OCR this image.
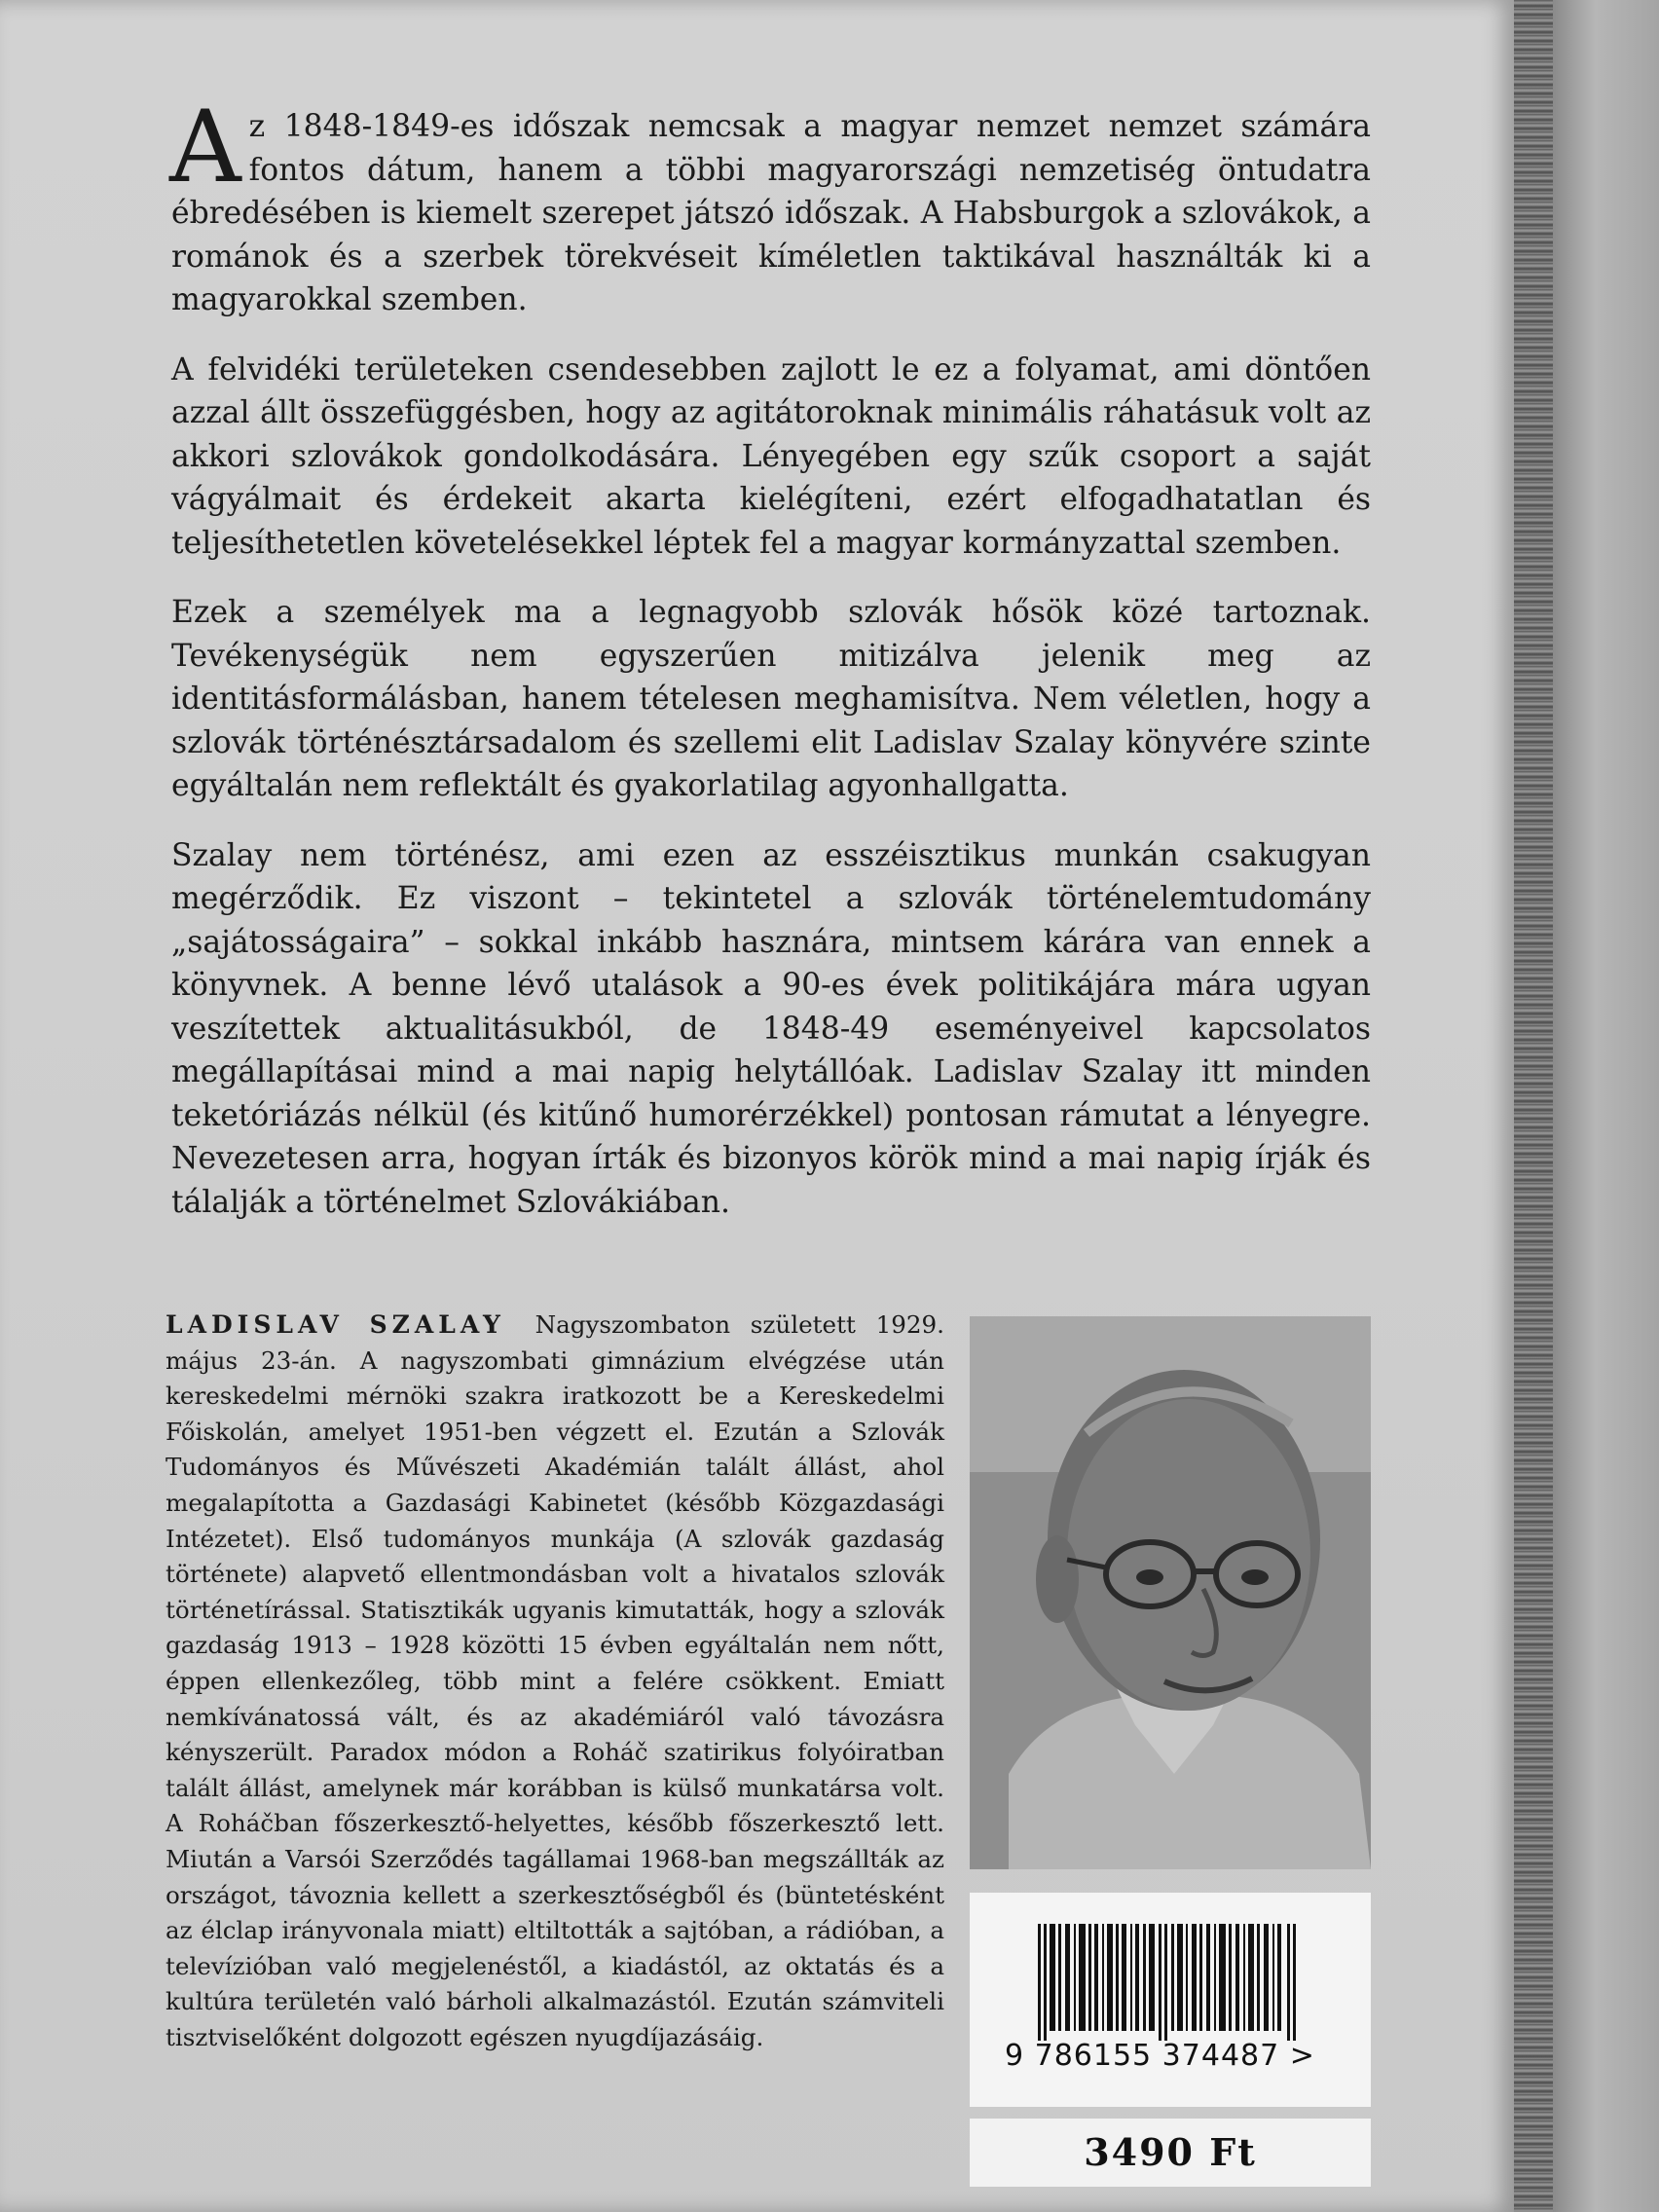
Az 1848-1849-es időszak nemcsak a magyar nemzet nemzet számára fontos dátum, hanem a többi magyarországi nemzetiség öntudatra ébredésében is kiemelt szerepet játszó időszak. A Habsburgok a szlovákok, a románok és a szerbek törekvéseit kíméletlen taktikával használták ki a magyarokkal szemben.

A felvidéki területeken csendesebben zajlott le ez a folyamat, ami döntően azzal állt összefüggésben, hogy az agitátoroknak minimális ráhatásuk volt az akkori szlovákok gondolkodására. Lényegében egy szűk csoport a saját vágyálmait és érdekeit akarta kielégíteni, ezért elfogadhatatlan és teljesíthetetlen követelésekkel léptek fel a magyar kormányzattal szemben.

Ezek a személyek ma a legnagyobb szlovák hősök közé tartoznak. Tevékenységük nem egyszerűen mitizálva jelenik meg az identitásformálásban, hanem tételesen meghamisítva. Nem véletlen, hogy a szlovák történésztársadalom és szellemi elit Ladislav Szalay könyvére szinte egyáltalán nem reflektált és gyakorlatilag agyonhallgatta.

Szalay nem történész, ami ezen az esszéisztikus munkán csakugyan megérződik. Ez viszont – tekintetel a szlovák történelemtudomány „sajátosságaira” – sokkal inkább hasznára, mintsem kárára van ennek a könyvnek. A benne lévő utalások a 90-es évek politikájára mára ugyan veszítettek aktualitásukból, de 1848-49 eseményeivel kapcsolatos megállapításai mind a mai napig helytállóak. Ladislav Szalay itt minden teketóriázás nélkül (és kitűnő humorérzékkel) pontosan rámutat a lényegre. Nevezetesen arra, hogyan írták és bizonyos körök mind a mai napig írják és tálalják a történelmet Szlovákiában.

LADISLAV SZALAY Nagyszombaton született 1929. május 23-án. A nagyszombati gimnázium elvégzése után kereskedelmi mérnöki szakra iratkozott be a Kereskedelmi Főiskolán, amelyet 1951-ben végzett el. Ezután a Szlovák Tudományos és Művészeti Akadémián talált állást, ahol megalapította a Gazdasági Kabinetet (később Közgazdasági Intézetet). Első tudományos munkája (A szlovák gazdaság története) alapvető ellentmondásban volt a hivatalos szlovák történetírással. Statisztikák ugyanis kimutatták, hogy a szlovák gazdaság 1913 – 1928 közötti 15 évben egyáltalán nem nőtt, éppen ellenkezőleg, több mint a felére csökkent. Emiatt nemkívánatossá vált, és az akadémiáról való távozásra kényszerült. Paradox módon a Roháč szatirikus folyóiratban talált állást, amelynek már korábban is külső munkatársa volt. A Roháčban főszerkesztő-helyettes, később főszerkesztő lett. Miután a Varsói Szerződés tagállamai 1968-ban megszállták az országot, távoznia kellett a szerkesztőségből és (büntetésként az élclap irányvonala miatt) eltiltották a sajtóban, a rádióban, a televízióban való megjelenéstől, a kiadástól, az oktatás és a kultúra területén való bárholi alkalmazástól. Ezután számviteli tisztviselőként dolgozott egészen nyugdíjazásáig.
9 786155 374487 >
3490 Ft
